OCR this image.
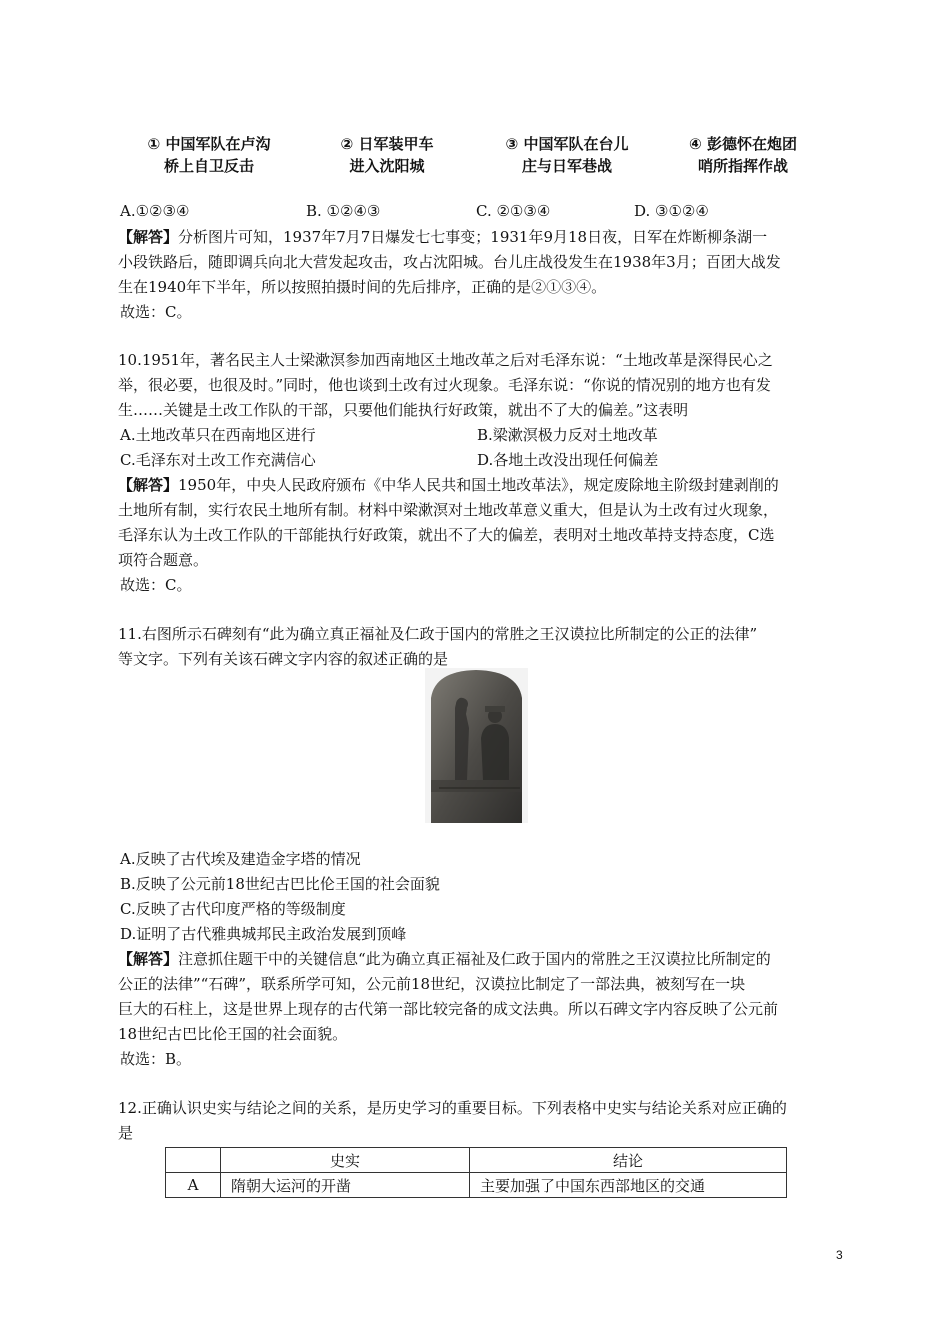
① 中国军队在卢沟
桥上自卫反击
② 日军装甲车
进入沈阳城
③ 中国军队在台儿
庄与日军巷战
④ 彭德怀在炮团
哨所指挥作战
A.①②③④	B. ①②④③	C. ②①③④	D. ③①②④
【解答】分析图片可知，1937年7月7日爆发七七事变；1931年9月18日夜，日军在炸断柳条湖一
小段铁路后，随即调兵向北大营发起攻击，攻占沈阳城。台儿庄战役发生在1938年3月；百团大战发
生在1940年下半年，所以按照拍摄时间的先后排序，正确的是②①③④。
故选：C。
10.1951年，著名民主人士梁漱溟参加西南地区土地改革之后对毛泽东说：“土地改革是深得民心之
举，很必要，也很及时。”同时，他也谈到土改有过火现象。毛泽东说：“你说的情况别的地方也有发
生……关键是土改工作队的干部，只要他们能执行好政策，就出不了大的偏差。”这表明
A.土地改革只在西南地区进行	B.梁漱溟极力反对土地改革
C.毛泽东对土改工作充满信心	D.各地土改没出现任何偏差
【解答】1950年，中央人民政府颁布《中华人民共和国土地改革法》，规定废除地主阶级封建剥削的
土地所有制，实行农民土地所有制。材料中梁漱溟对土地改革意义重大，但是认为土改有过火现象，
毛泽东认为土改工作队的干部能执行好政策，就出不了大的偏差，表明对土地改革持支持态度，C选
项符合题意。
故选：C。
11.右图所示石碑刻有“此为确立真正福祉及仁政于国内的常胜之王汉谟拉比所制定的公正的法律”
等文字。下列有关该石碑文字内容的叙述正确的是
A.反映了古代埃及建造金字塔的情况
B.反映了公元前18世纪古巴比伦王国的社会面貌
C.反映了古代印度严格的等级制度
D.证明了古代雅典城邦民主政治发展到顶峰
【解答】注意抓住题干中的关键信息“此为确立真正福祉及仁政于国内的常胜之王汉谟拉比所制定的
公正的法律”“石碑”，联系所学可知，公元前18世纪，汉谟拉比制定了一部法典，被刻写在一块
巨大的石柱上，这是世界上现存的古代第一部比较完备的成文法典。所以石碑文字内容反映了公元前
18世纪古巴比伦王国的社会面貌。
故选：B。
12.正确认识史实与结论之间的关系，是历史学习的重要目标。下列表格中史实与结论关系对应正确的
是
	史实	结论
A	隋朝大运河的开凿	主要加强了中国东西部地区的交通
3
